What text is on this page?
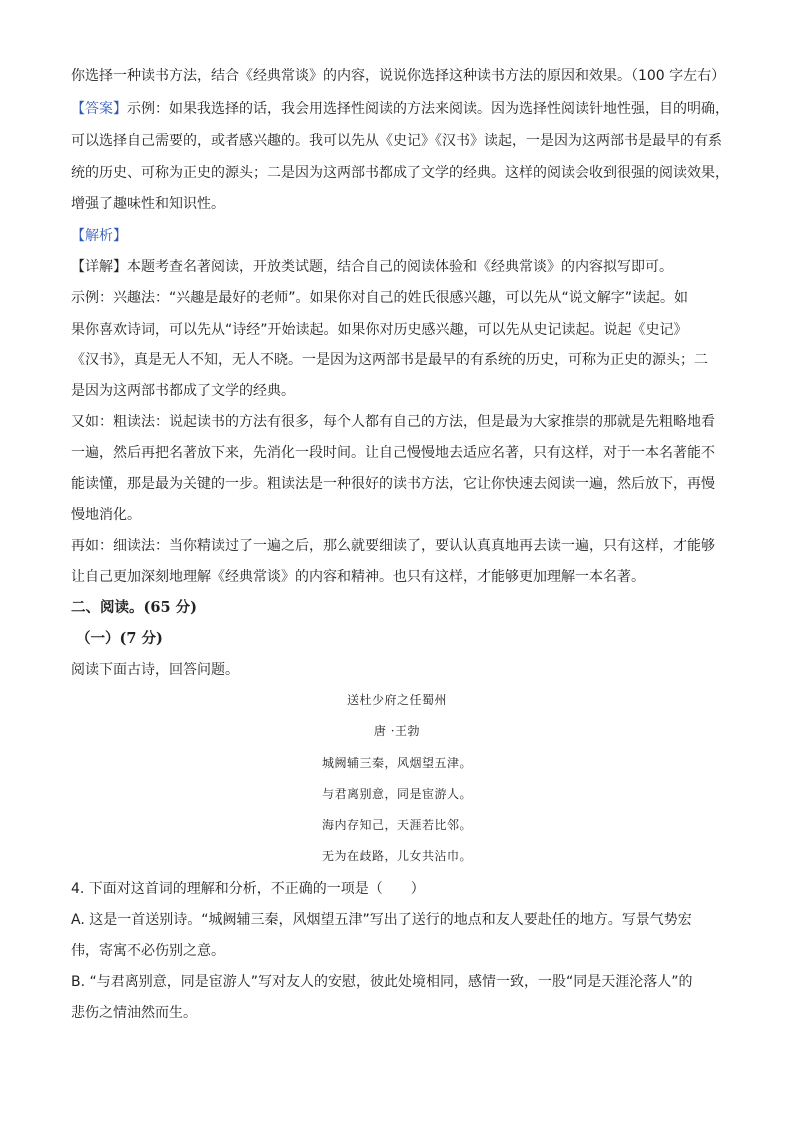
你选择一种读书方法，结合《经典常谈》的内容，说说你选择这种读书方法的原因和效果。（100 字左右）
【答案】示例：如果我选择的话，我会用选择性阅读的方法来阅读。因为选择性阅读针地性强，目的明确，
可以选择自己需要的，或者感兴趣的。我可以先从《史记》《汉书》读起，一是因为这两部书是最早的有系
统的历史、可称为正史的源头；二是因为这两部书都成了文学的经典。这样的阅读会收到很强的阅读效果，
增强了趣味性和知识性。
【解析】
【详解】本题考查名著阅读，开放类试题，结合自己的阅读体验和《经典常谈》的内容拟写即可。
示例：兴趣法：“兴趣是最好的老师”。如果你对自己的姓氏很感兴趣，可以先从“说文解字”读起。如
果你喜欢诗词，可以先从“诗经”开始读起。如果你对历史感兴趣，可以先从史记读起。说起《史记》
《汉书》，真是无人不知，无人不晓。一是因为这两部书是最早的有系统的历史，可称为正史的源头；二
是因为这两部书都成了文学的经典。
又如：粗读法：说起读书的方法有很多，每个人都有自己的方法，但是最为大家推崇的那就是先粗略地看
一遍，然后再把名著放下来，先消化一段时间。让自己慢慢地去适应名著，只有这样，对于一本名著能不
能读懂，那是最为关键的一步。粗读法是一种很好的读书方法，它让你快速去阅读一遍，然后放下，再慢
慢地消化。
再如：细读法：当你精读过了一遍之后，那么就要细读了，要认认真真地再去读一遍，只有这样，才能够
让自己更加深刻地理解《经典常谈》的内容和精神。也只有这样，才能够更加理解一本名著。
二、阅读。(65 分)
（一）(7 分)
阅读下面古诗，回答问题。
送杜少府之任蜀州
唐 ·王勃
城阙辅三秦，风烟望五津。
与君离别意，同是宦游人。
海内存知己，天涯若比邻。
无为在歧路，儿女共沾巾。
4. 下面对这首词的理解和分析，不正确的一项是（　　）
A. 这是一首送别诗。“城阙辅三秦，风烟望五津”写出了送行的地点和友人要赴任的地方。写景气势宏
伟，寄寓不必伤别之意。
B. “与君离别意，同是宦游人”写对友人的安慰，彼此处境相同，感情一致，一股“同是天涯沦落人”的
悲伤之情油然而生。
